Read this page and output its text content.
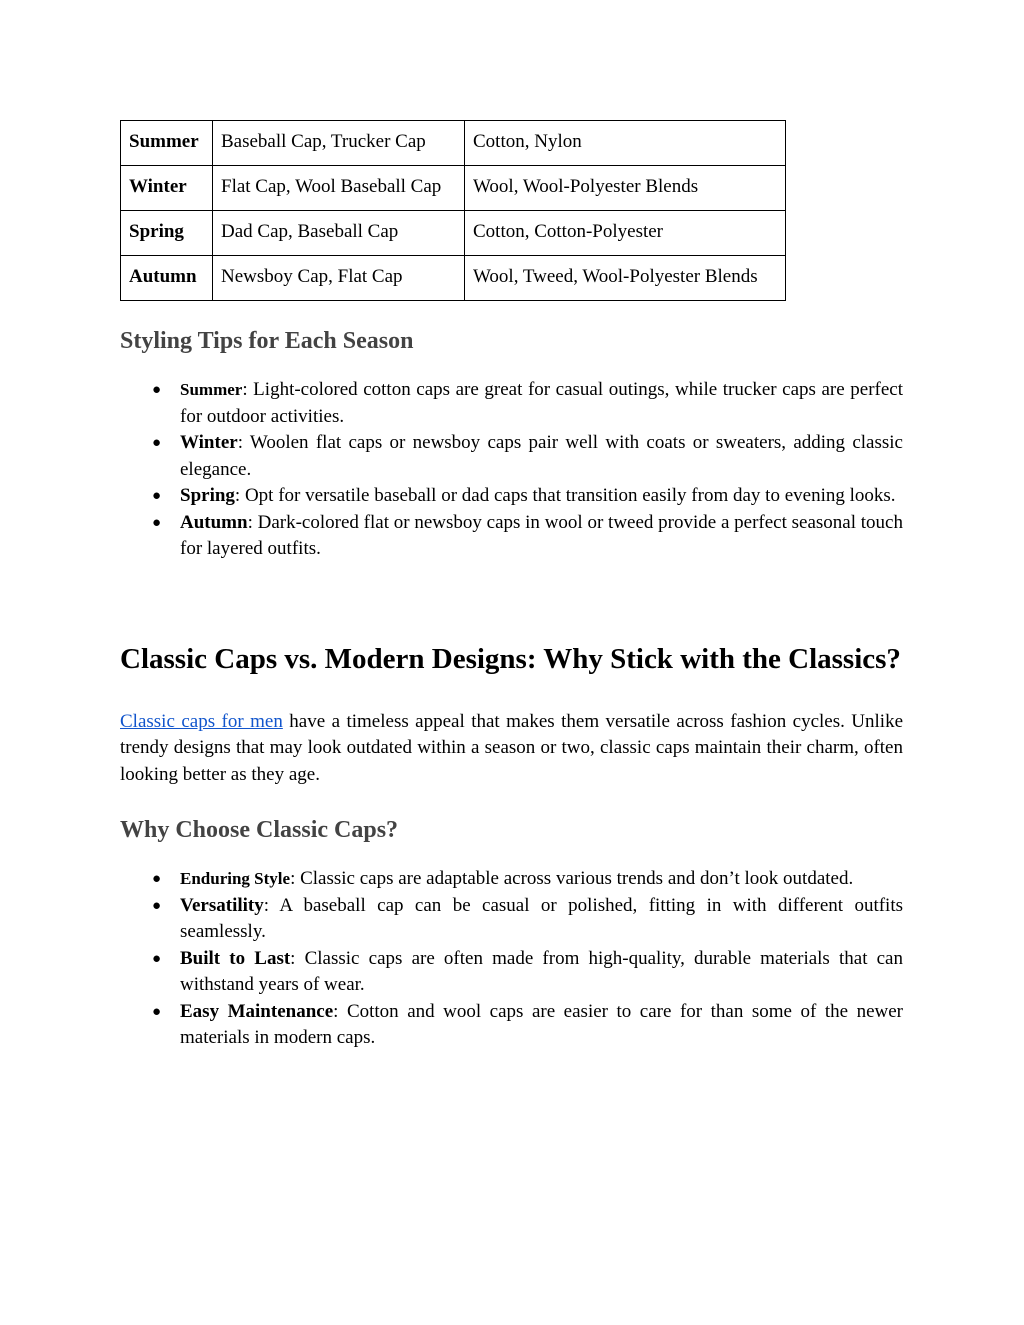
Summer	Baseball Cap, Trucker Cap	Cotton, Nylon
Winter	Flat Cap, Wool Baseball Cap	Wool, Wool-Polyester Blends
Spring	Dad Cap, Baseball Cap	Cotton, Cotton-Polyester
Autumn	Newsboy Cap, Flat Cap	Wool, Tweed, Wool-Polyester Blends
Styling Tips for Each Season
● Summer: Light-colored cotton caps are great for casual outings, while trucker caps are perfect for outdoor activities.
● Winter: Woolen flat caps or newsboy caps pair well with coats or sweaters, adding classic elegance.
● Spring: Opt for versatile baseball or dad caps that transition easily from day to evening looks.
● Autumn: Dark-colored flat or newsboy caps in wool or tweed provide a perfect seasonal touch for layered outfits.
Classic Caps vs. Modern Designs: Why Stick with the Classics?

Classic caps for men have a timeless appeal that makes them versatile across fashion cycles. Unlike trendy designs that may look outdated within a season or two, classic caps maintain their charm, often looking better as they age.

Why Choose Classic Caps?
● Enduring Style: Classic caps are adaptable across various trends and don’t look outdated.
● Versatility: A baseball cap can be casual or polished, fitting in with different outfits seamlessly.
● Built to Last: Classic caps are often made from high-quality, durable materials that can withstand years of wear.
● Easy Maintenance: Cotton and wool caps are easier to care for than some of the newer materials in modern caps.
